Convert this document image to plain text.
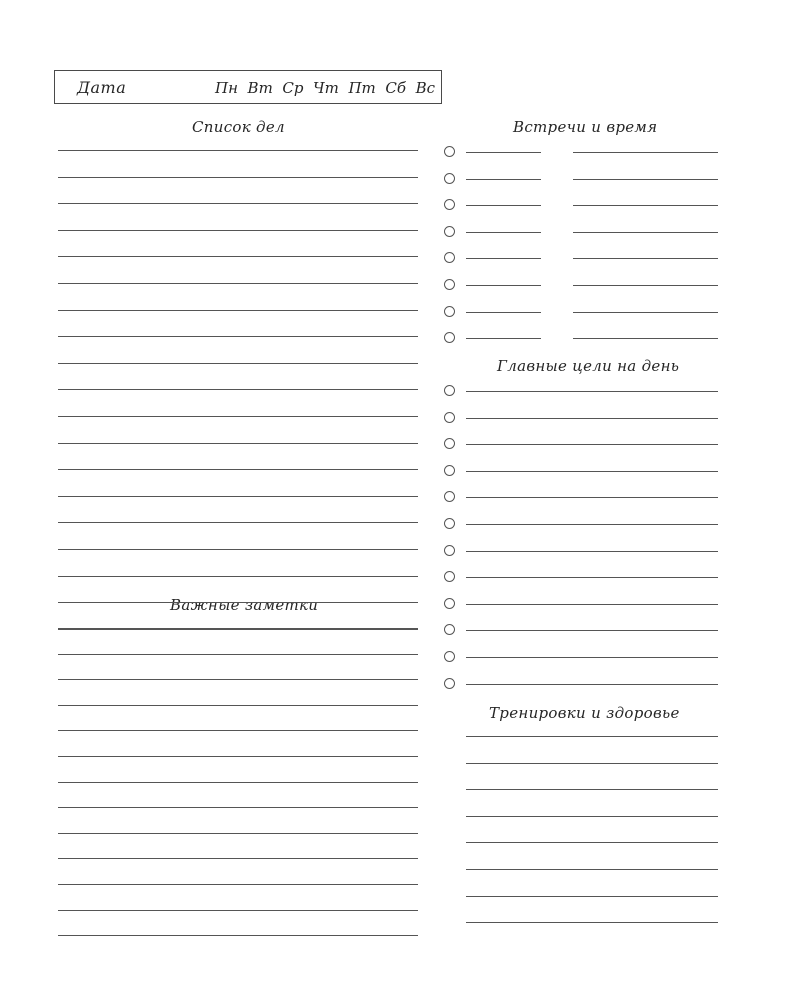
Дата	Пн Вт Ср Чт Пт Сб Вс
Список дел	Встречи и время
Главные цели на день
Важные заметки
Тренировки и здоровье
